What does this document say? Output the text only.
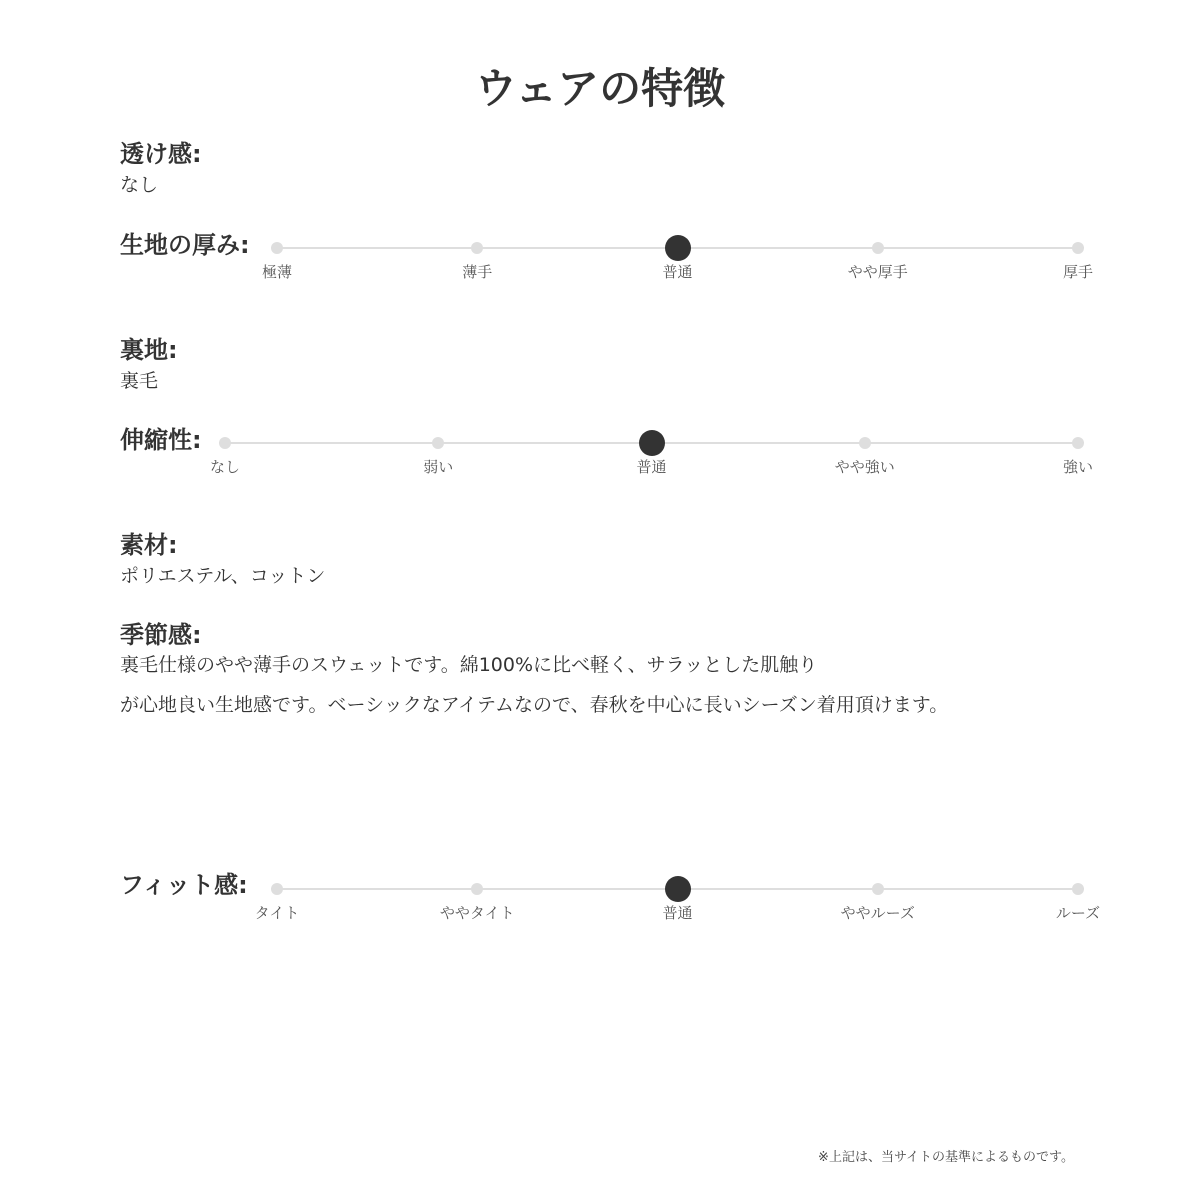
ウェアの特徴
透け感:
なし
生地の厚み:
極薄	薄手	普通	やや厚手	厚手
裏地:
裏毛
伸縮性:
なし	弱い	普通	やや強い	強い
素材:
ポリエステル、コットン
季節感:
裏毛仕様のやや薄手のスウェットです。綿100%に比べ軽く、サラッとした肌触り
が心地良い生地感です。ベーシックなアイテムなので、春秋を中心に長いシーズン着用頂けます。
フィット感:
タイト	ややタイト	普通	ややルーズ	ルーズ
※上記は、当サイトの基準によるものです。
